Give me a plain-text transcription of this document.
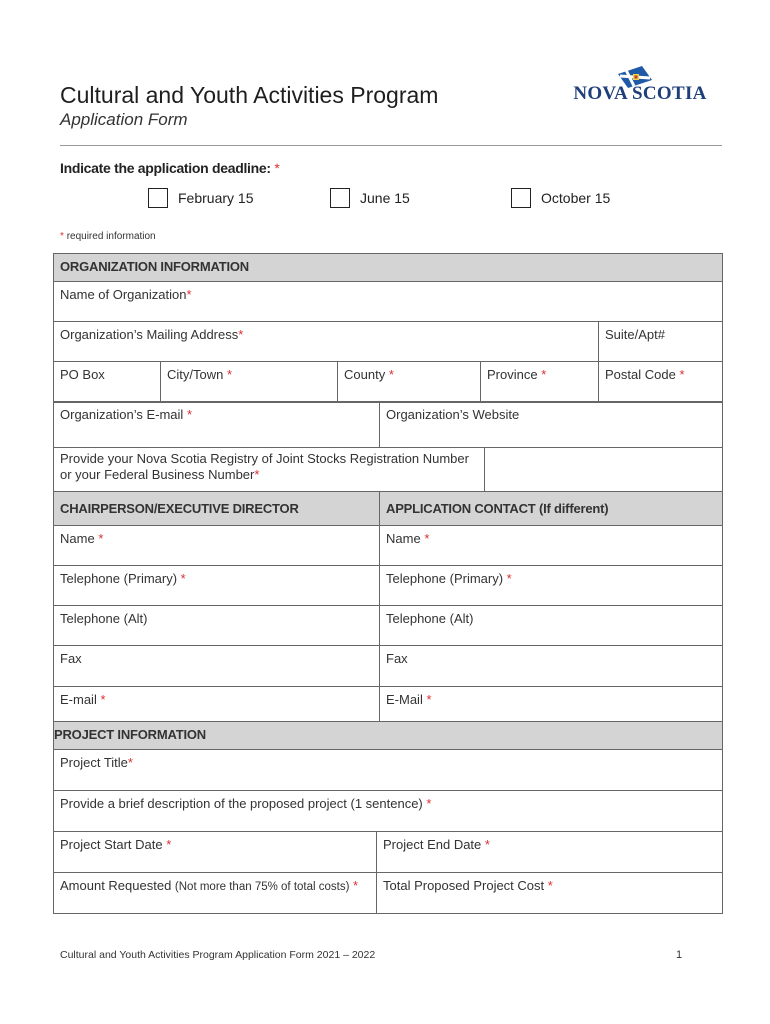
Cultural and Youth Activities Program
Application Form
NOVA SCOTIA
Indicate the application deadline: *
February 15	June 15	October 15
* required information
ORGANIZATION INFORMATION				
Name of Organization*				
Organization’s Mailing Address*				Suite/Apt#
PO Box	City/Town *	County *	Province *	Postal Code *
Organization’s E-mail *	Organization’s Website	
Provide your Nova Scotia Registry of Joint Stocks Registration Number or your Federal Business Number*		
CHAIRPERSON/EXECUTIVE DIRECTOR	APPLICATION CONTACT (If different)
Name *	Name *
Telephone (Primary) *	Telephone (Primary) *
Telephone (Alt)	Telephone (Alt)
Fax	Fax
E-mail *	E-Mail *
PROJECT INFORMATION	
Project Title*	
Provide a brief description of the proposed project (1 sentence) *	
Project Start Date *	Project End Date *
Amount Requested (Not more than 75% of total costs) *	Total Proposed Project Cost *
Cultural and Youth Activities Program Application Form 2021 – 2022	1
